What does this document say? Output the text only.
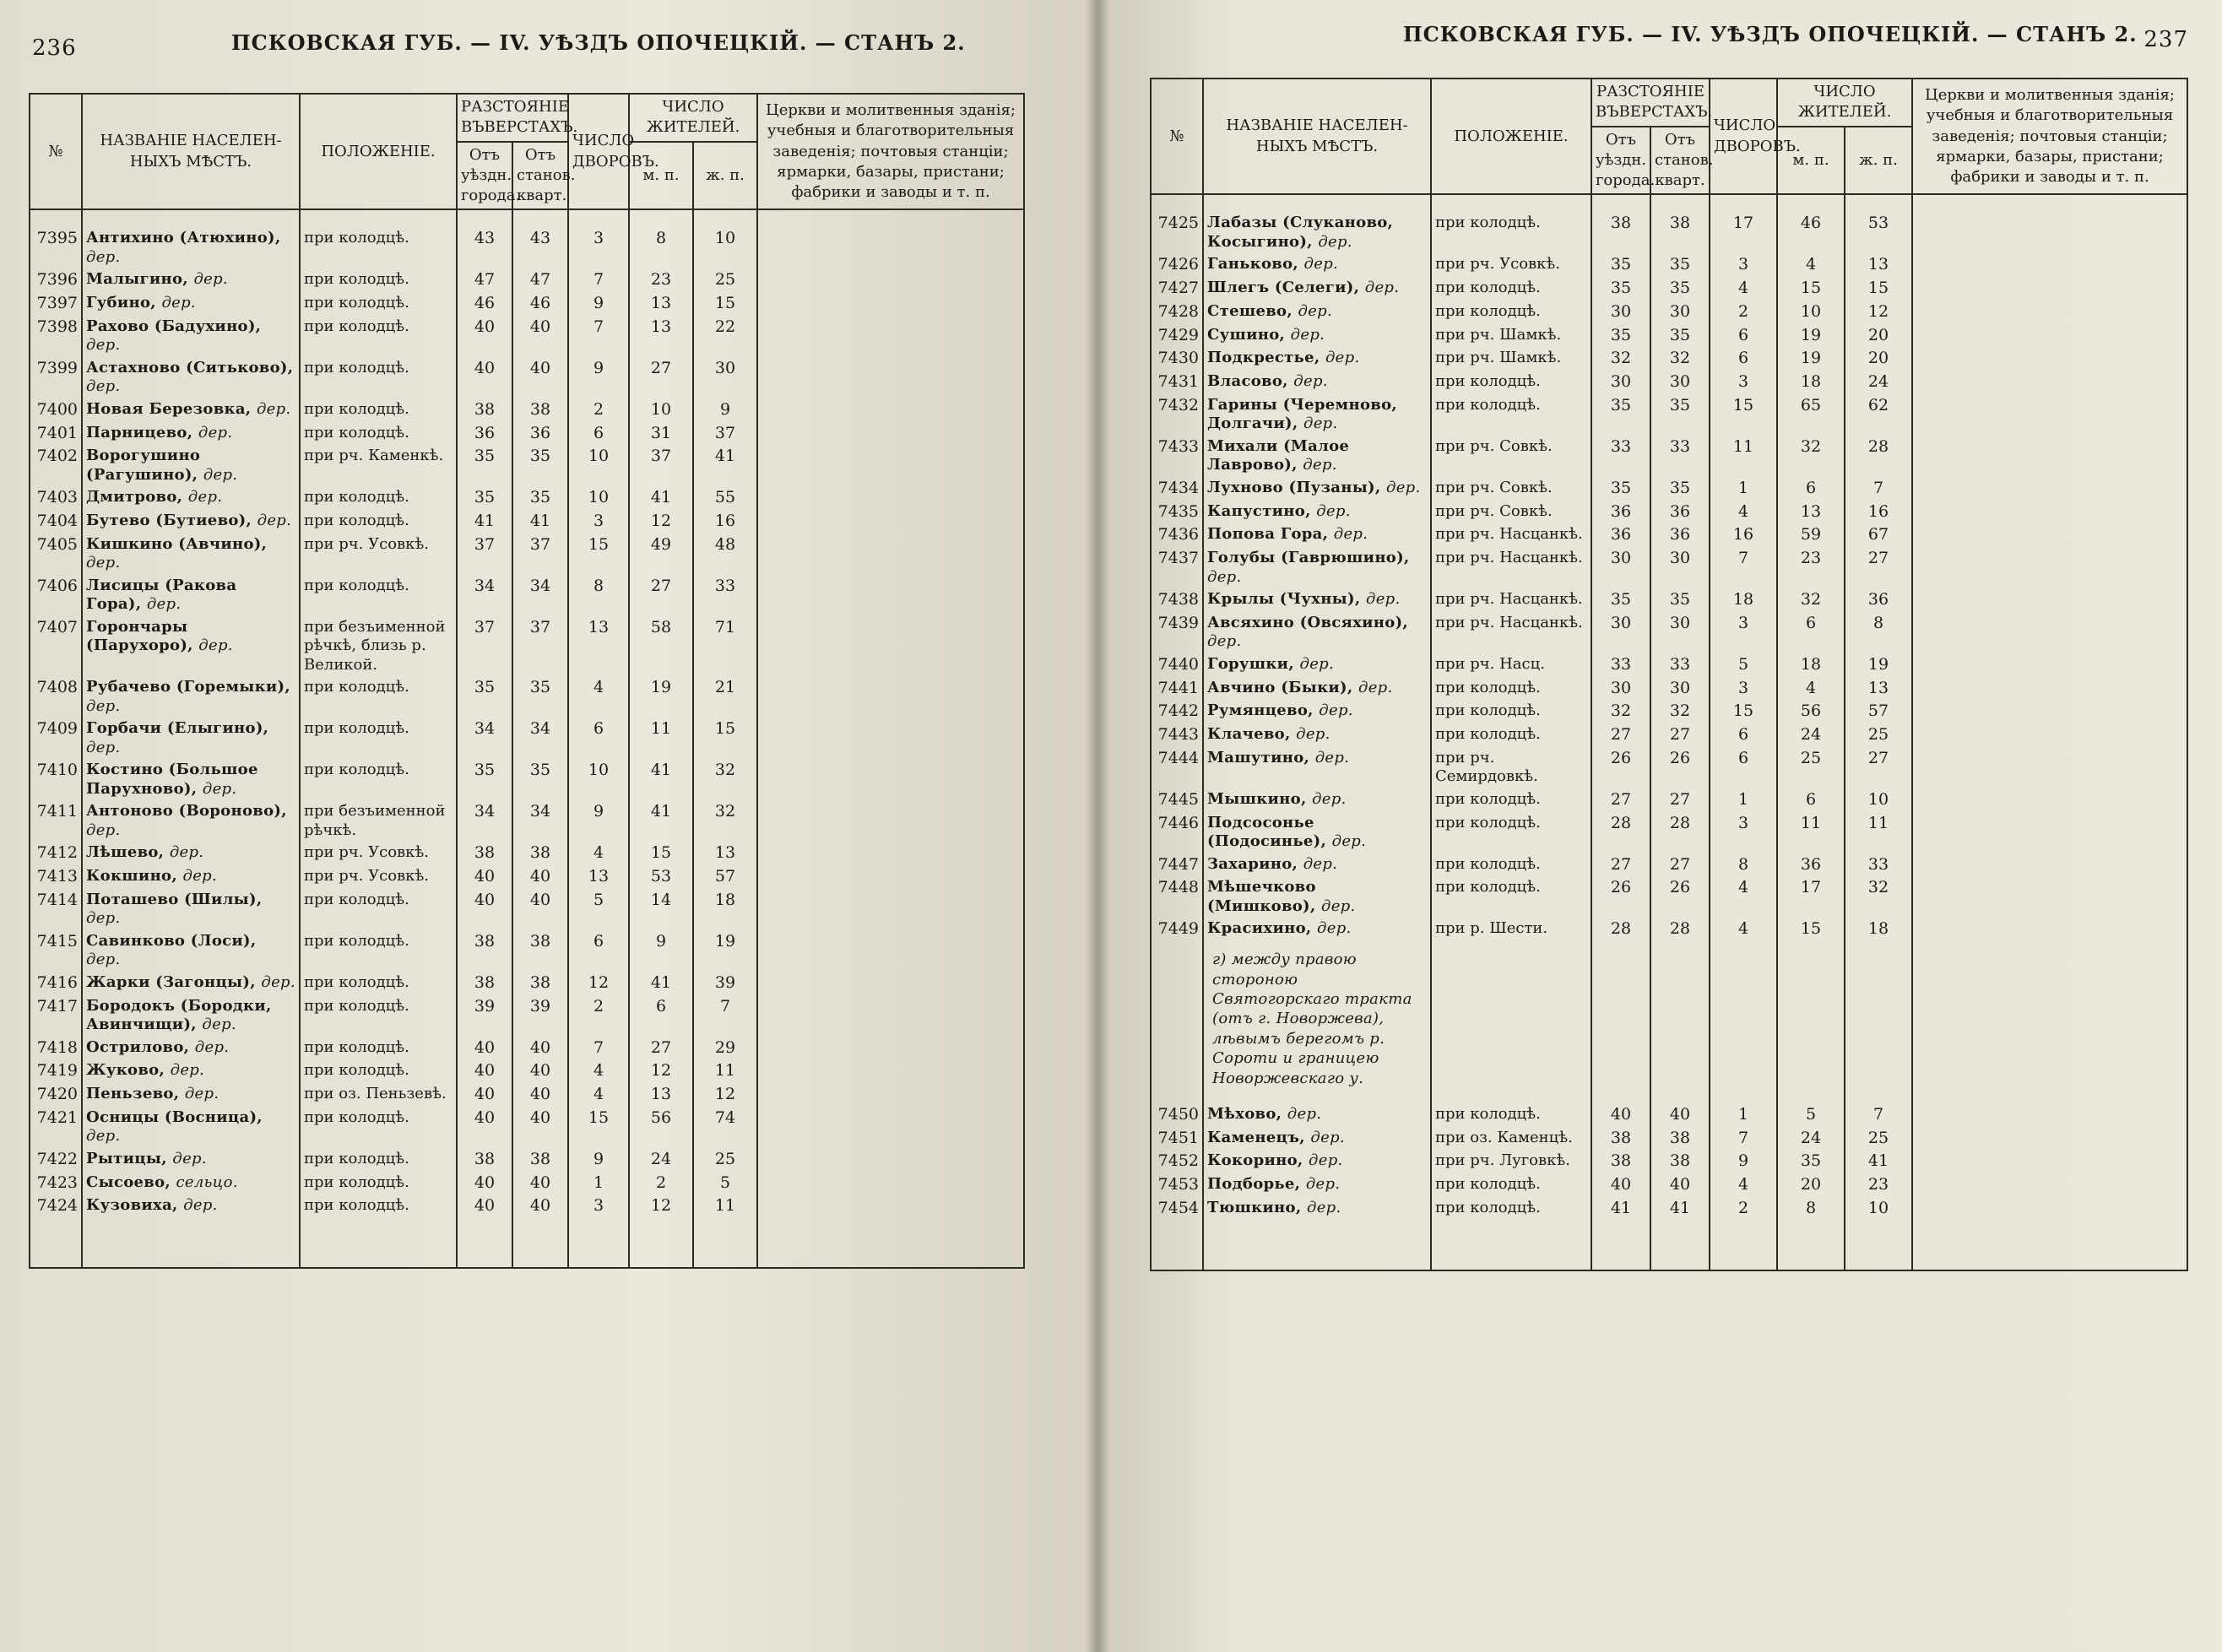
236	ПСКОВСКАЯ ГУБ. — IV. УѢЗДЪ ОПОЧЕЦКІЙ. — СТАНЪ 2.
№	НАЗВАНІЕ НАСЕЛЕН- НЫХЪ МѢСТЪ.	ПОЛОЖЕНІЕ.	РАЗСТОЯНІЕ ВЪВЕРСТАХЪ.		ЧИСЛО ДВОРОВЪ.	ЧИСЛО ЖИТЕЛЕЙ.		Церкви и молитвенныя зданія; учебныя и благотворительныя заведенія; почтовыя станціи; ярмарки, базары, пристани; фабрики и заводы и т. п.
			Отъ уѣздн. города.	Отъ станов. кварт.		м. п.	ж. п.	
7395	Антихино (Атюхино), дер.	при колодцѣ.	43	43	3	8	10	
7396	Малыгино, дер.	при колодцѣ.	47	47	7	23	25	
7397	Губино, дер.	при колодцѣ.	46	46	9	13	15	
7398	Рахово (Бадухино), дер.	при колодцѣ.	40	40	7	13	22	
7399	Астахново (Ситьково), дер.	при колодцѣ.	40	40	9	27	30	
7400	Новая Березовка, дер.	при колодцѣ.	38	38	2	10	9	
7401	Парницево, дер.	при колодцѣ.	36	36	6	31	37	
7402	Ворогушино (Рагушино), дер.	при рч. Каменкѣ.	35	35	10	37	41	
7403	Дмитрово, дер.	при колодцѣ.	35	35	10	41	55	
7404	Бутево (Бутиево), дер.	при колодцѣ.	41	41	3	12	16	
7405	Кишкино (Авчино), дер.	при рч. Усовкѣ.	37	37	15	49	48	
7406	Лисицы (Ракова Гора), дер.	при колодцѣ.	34	34	8	27	33	
7407	Горончары (Парухоро), дер.	при безъименной рѣчкѣ, близь р. Великой.	37	37	13	58	71	
7408	Рубачево (Горемыки), дер.	при колодцѣ.	35	35	4	19	21	
7409	Горбачи (Елыгино), дер.	при колодцѣ.	34	34	6	11	15	
7410	Костино (Большое Парухново), дер.	при колодцѣ.	35	35	10	41	32	
7411	Антоново (Вороново), дер.	при безъименной рѣчкѣ.	34	34	9	41	32	
7412	Лѣшево, дер.	при рч. Усовкѣ.	38	38	4	15	13	
7413	Кокшино, дер.	при рч. Усовкѣ.	40	40	13	53	57	
7414	Поташево (Шилы), дер.	при колодцѣ.	40	40	5	14	18	
7415	Савинково (Лоси), дер.	при колодцѣ.	38	38	6	9	19	
7416	Жарки (Загонцы), дер.	при колодцѣ.	38	38	12	41	39	
7417	Бородокъ (Бородки, Авинчищи), дер.	при колодцѣ.	39	39	2	6	7	
7418	Острилово, дер.	при колодцѣ.	40	40	7	27	29	
7419	Жуково, дер.	при колодцѣ.	40	40	4	12	11	
7420	Пеньзево, дер.	при оз. Пеньзевѣ.	40	40	4	13	12	
7421	Осницы (Восница), дер.	при колодцѣ.	40	40	15	56	74	
7422	Рытицы, дер.	при колодцѣ.	38	38	9	24	25	
7423	Сысоево, сельцо.	при колодцѣ.	40	40	1	2	5	
7424	Кузовиха, дер.	при колодцѣ.	40	40	3	12	11	
ПСКОВСКАЯ ГУБ. — IV. УѢЗДЪ ОПОЧЕЦКІЙ. — СТАНЪ 2. 237
№	НАЗВАНІЕ НАСЕЛЕН- НЫХЪ МѢСТЪ.	ПОЛОЖЕНІЕ.	РАЗСТОЯНІЕ ВЪВЕРСТАХЪ.		ЧИСЛО ДВОРОВЪ.	ЧИСЛО ЖИТЕЛЕЙ.		Церкви и молитвенныя зданія; учебныя и благотворительныя заведенія; почтовыя станціи; ярмарки, базары, пристани; фабрики и заводы и т. п.
			Отъ уѣздн. города.	Отъ станов. кварт.		м. п.	ж. п.	
7425	Лабазы (Слуканово, Косыгино), дер.	при колодцѣ.	38	38	17	46	53	
7426	Ганьково, дер.	при рч. Усовкѣ.	35	35	3	4	13	
7427	Шлегъ (Селеги), дер.	при колодцѣ.	35	35	4	15	15	
7428	Стешево, дер.	при колодцѣ.	30	30	2	10	12	
7429	Сушино, дер.	при рч. Шамкѣ.	35	35	6	19	20	
7430	Подкрестье, дер.	при рч. Шамкѣ.	32	32	6	19	20	
7431	Власово, дер.	при колодцѣ.	30	30	3	18	24	
7432	Гарины (Черемново, Долгачи), дер.	при колодцѣ.	35	35	15	65	62	
7433	Михали (Малое Лаврово), дер.	при рч. Совкѣ.	33	33	11	32	28	
7434	Лухново (Пузаны), дер.	при рч. Совкѣ.	35	35	1	6	7	
7435	Капустино, дер.	при рч. Совкѣ.	36	36	4	13	16	
7436	Попова Гора, дер.	при рч. Насцанкѣ.	36	36	16	59	67	
7437	Голубы (Гаврюшино), дер.	при рч. Насцанкѣ.	30	30	7	23	27	
7438	Крылы (Чухны), дер.	при рч. Насцанкѣ.	35	35	18	32	36	
7439	Авсяхино (Овсяхино), дер.	при рч. Насцанкѣ.	30	30	3	6	8	
7440	Горушки, дер.	при рч. Насц.	33	33	5	18	19	
7441	Авчино (Быки), дер.	при колодцѣ.	30	30	3	4	13	
7442	Румянцево, дер.	при колодцѣ.	32	32	15	56	57	
7443	Клачево, дер.	при колодцѣ.	27	27	6	24	25	
7444	Машутино, дер.	при рч. Семирдовкѣ.	26	26	6	25	27	
7445	Мышкино, дер.	при колодцѣ.	27	27	1	6	10	
7446	Подсосонье (Подосинье), дер.	при колодцѣ.	28	28	3	11	11	
7447	Захарино, дер.	при колодцѣ.	27	27	8	36	33	
7448	Мѣшечково (Мишково), дер.	при колодцѣ.	26	26	4	17	32	
7449	Красихино, дер.	при р. Шести.	28	28	4	15	18	
	г) между правою стороною Святогорскаго тракта (отъ г. Новоржева), лѣвымъ берегомъ р. Сороти и границею Новоржевскаго у.							
7450	Мѣхово, дер.	при колодцѣ.	40	40	1	5	7	
7451	Каменецъ, дер.	при оз. Каменцѣ.	38	38	7	24	25	
7452	Кокорино, дер.	при рч. Луговкѣ.	38	38	9	35	41	
7453	Подборье, дер.	при колодцѣ.	40	40	4	20	23	
7454	Тюшкино, дер.	при колодцѣ.	41	41	2	8	10	
